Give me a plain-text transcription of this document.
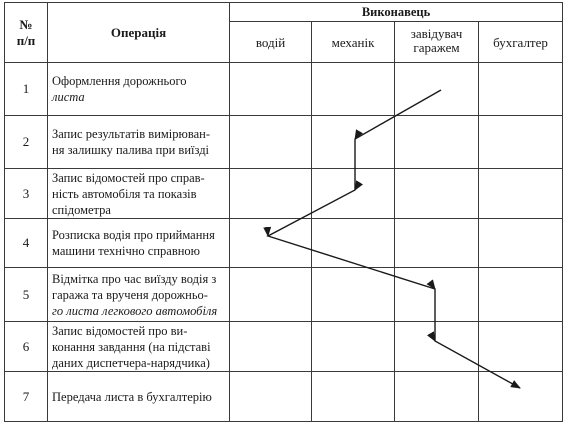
№
п/п	Операція	Виконавець			
		водій	механік	завідувач
гаражем	бухгалтер
1	Оформлення дорожнього
листа				

2	Запис результатів вимірюван-
ня залишку палива при виїзді				

3	Запис відомостей про справ-
ність автомобіля та показів
спідометра				

4	Розписка водія про приймання
машини технічно справною				

5	Відмітка про час виїзду водія з
гаража та врученя дорожньо-
го листа легкового автомобіля				

6	Запис відомостей про ви-
конання завдання (на підставі
даних диспетчера-нарядчика)				

7	Передача листа в бухгалтерію				
